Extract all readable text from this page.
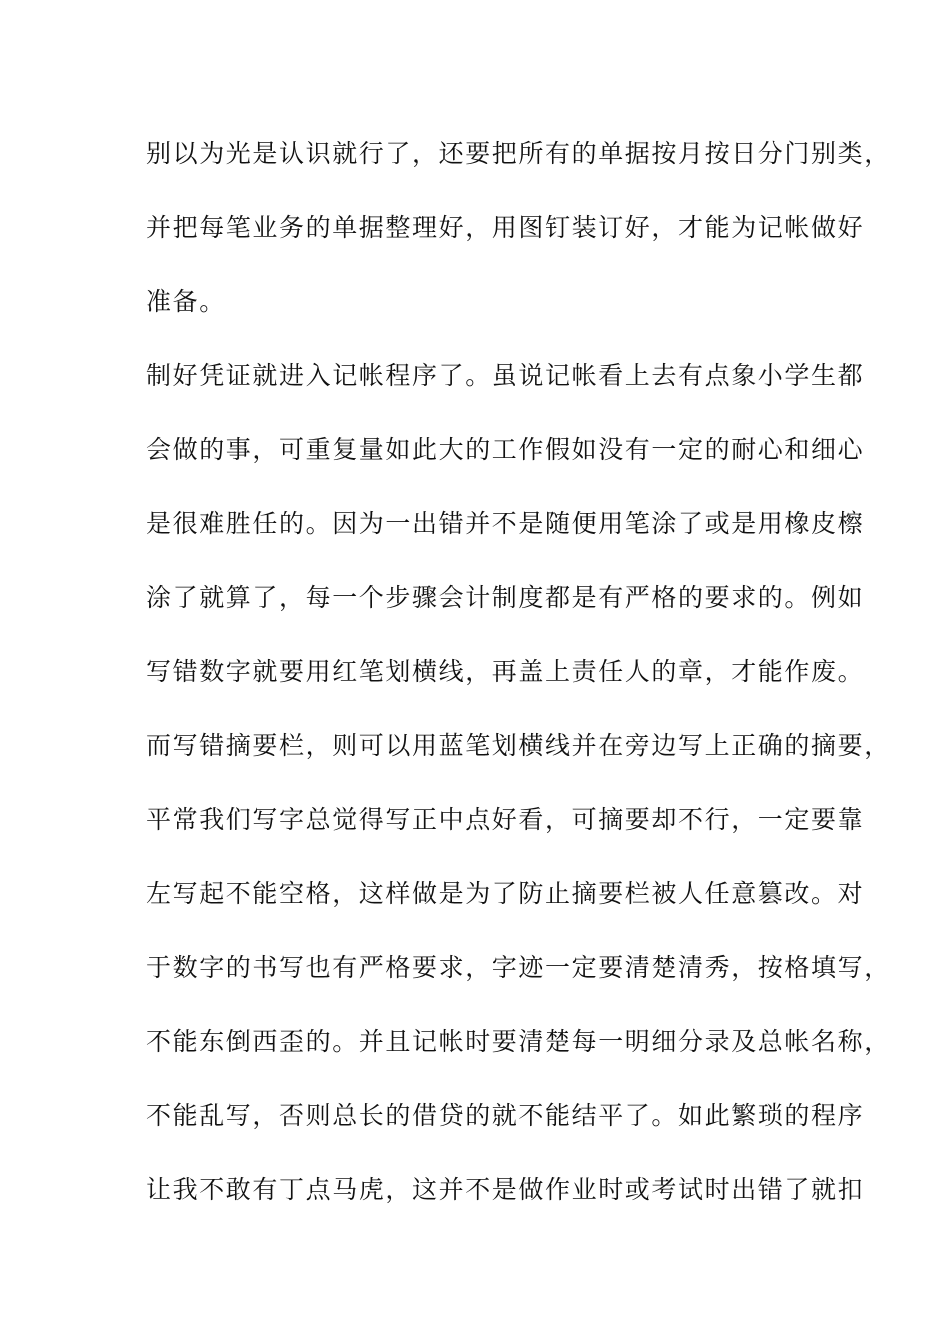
别以为光是认识就行了，还要把所有的单据按月按日分门别类，
并把每笔业务的单据整理好，用图钉装订好，才能为记帐做好
准备。
制好凭证就进入记帐程序了。虽说记帐看上去有点象小学生都
会做的事，可重复量如此大的工作假如没有一定的耐心和细心
是很难胜任的。因为一出错并不是随便用笔涂了或是用橡皮檫
涂了就算了，每一个步骤会计制度都是有严格的要求的。例如
写错数字就要用红笔划横线，再盖上责任人的章，才能作废。
而写错摘要栏，则可以用蓝笔划横线并在旁边写上正确的摘要，
平常我们写字总觉得写正中点好看，可摘要却不行，一定要靠
左写起不能空格，这样做是为了防止摘要栏被人任意篡改。对
于数字的书写也有严格要求，字迹一定要清楚清秀，按格填写，
不能东倒西歪的。并且记帐时要清楚每一明细分录及总帐名称，
不能乱写，否则总长的借贷的就不能结平了。如此繁琐的程序
让我不敢有丁点马虎，这并不是做作业时或考试时出错了就扣
